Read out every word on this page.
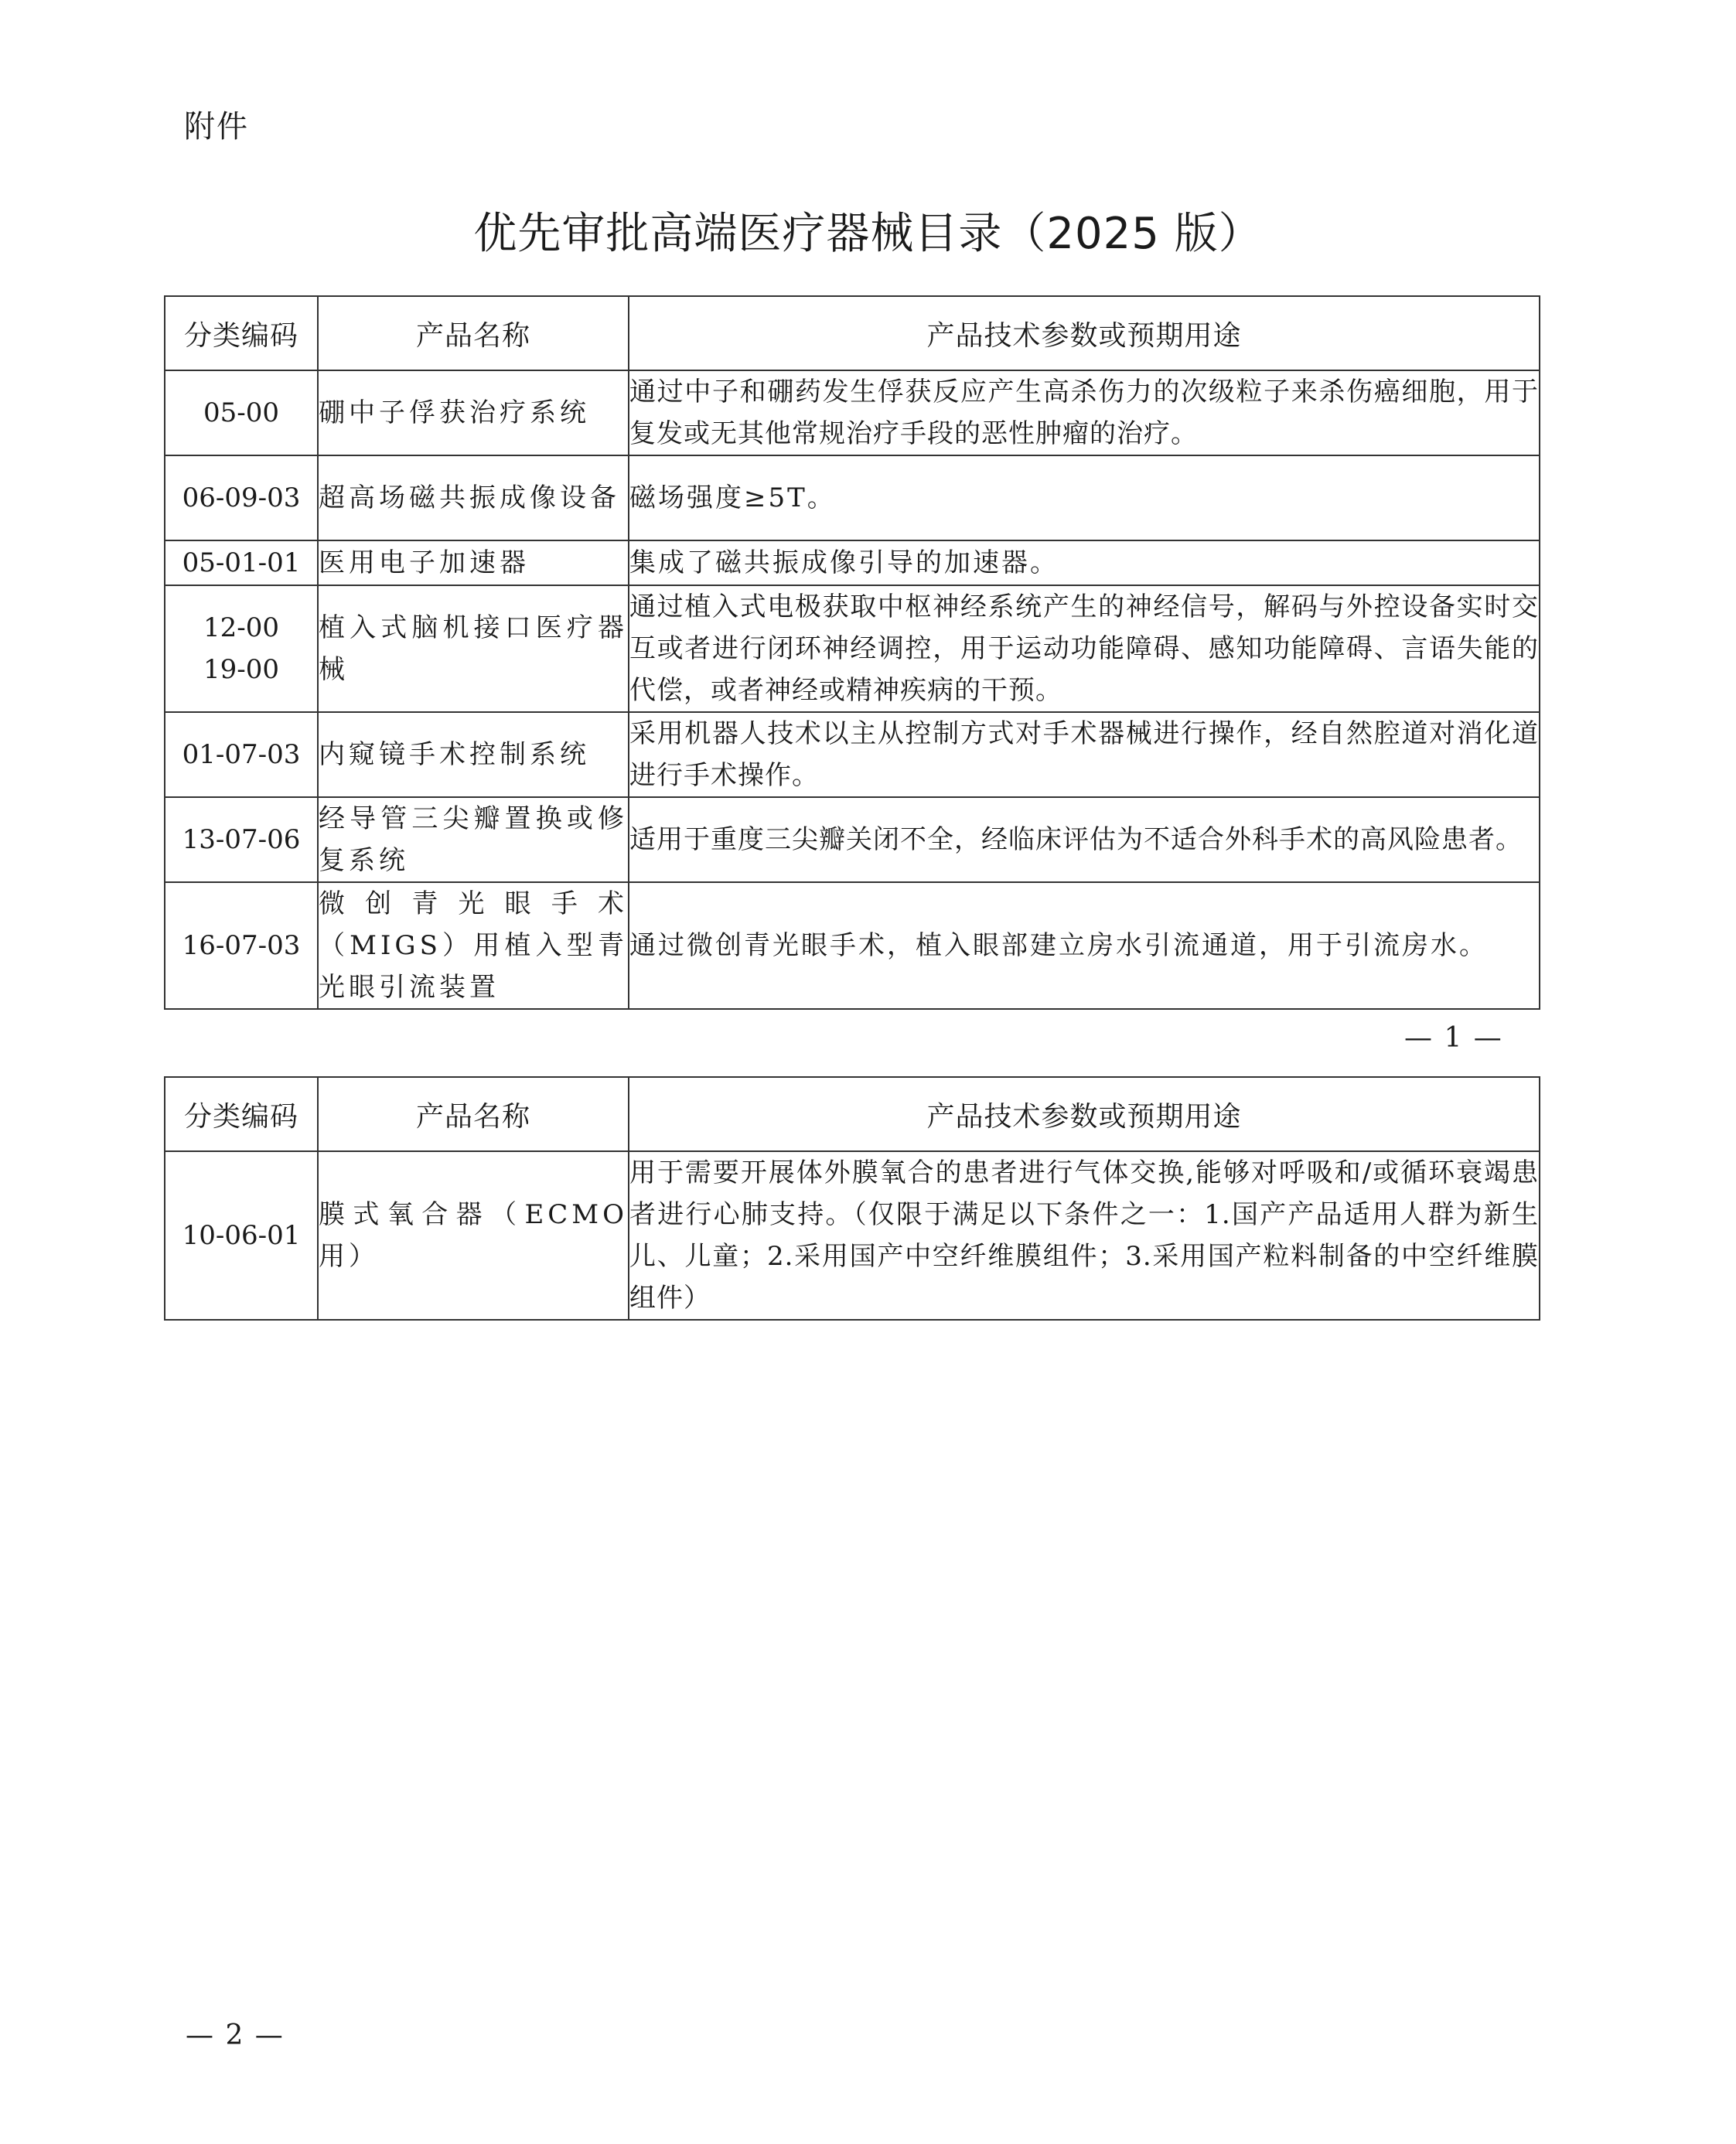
附件
优先审批高端医疗器械目录（2025 版）
分类编码	产品名称	产品技术参数或预期用途

05-00	硼中子俘获治疗系统	通过中子和硼药发生俘获反应产生高杀伤力的次级粒子来杀伤癌细胞，用于复发或无其他常规治疗手段的恶性肿瘤的治疗。

06-09-03	超高场磁共振成像设备	磁场强度≥5T。

05-01-01	医用电子加速器	集成了磁共振成像引导的加速器。

12-00
19-00	植入式脑机接口医疗器械	通过植入式电极获取中枢神经系统产生的神经信号，解码与外控设备实时交互或者进行闭环神经调控，用于运动功能障碍、感知功能障碍、言语失能的代偿，或者神经或精神疾病的干预。

01-07-03	内窥镜手术控制系统	采用机器人技术以主从控制方式对手术器械进行操作，经自然腔道对消化道进行手术操作。

13-07-06	经导管三尖瓣置换或修复系统	适用于重度三尖瓣关闭不全，经临床评估为不适合外科手术的高风险患者。

16-07-03	微创青光眼手术（MIGS）用植入型青光眼引流装置	通过微创青光眼手术，植入眼部建立房水引流通道，用于引流房水。
— 1 —
分类编码	产品名称	产品技术参数或预期用途

10-06-01	膜式氧合器（ECMO用）	用于需要开展体外膜氧合的患者进行气体交换,能够对呼吸和/或循环衰竭患者进行心肺支持。（仅限于满足以下条件之一：1.国产产品适用人群为新生儿、儿童；2.采用国产中空纤维膜组件；3.采用国产粒料制备的中空纤维膜组件）
— 2 —
